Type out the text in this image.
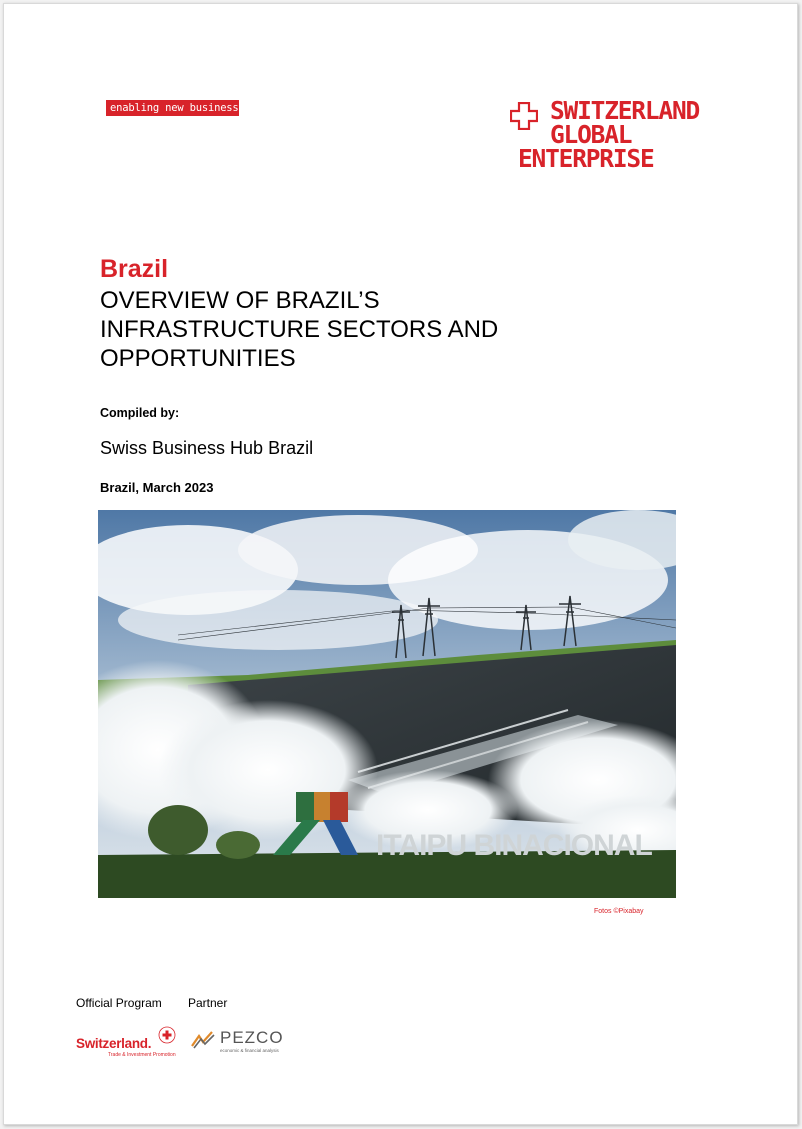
enabling new business	SWITZERLAND
GLOBAL
ENTERPRISE
Brazil
OVERVIEW OF BRAZIL’S
INFRASTRUCTURE SECTORS AND
OPPORTUNITIES
Compiled by:
Swiss Business Hub Brazil
Brazil, March 2023
ITAIPU BINACIONAL
Fotos ©Pixabay
Official Program Partner
Switzerland.
Trade & Investment Promotion
PEZCO
economic & financial analysis
